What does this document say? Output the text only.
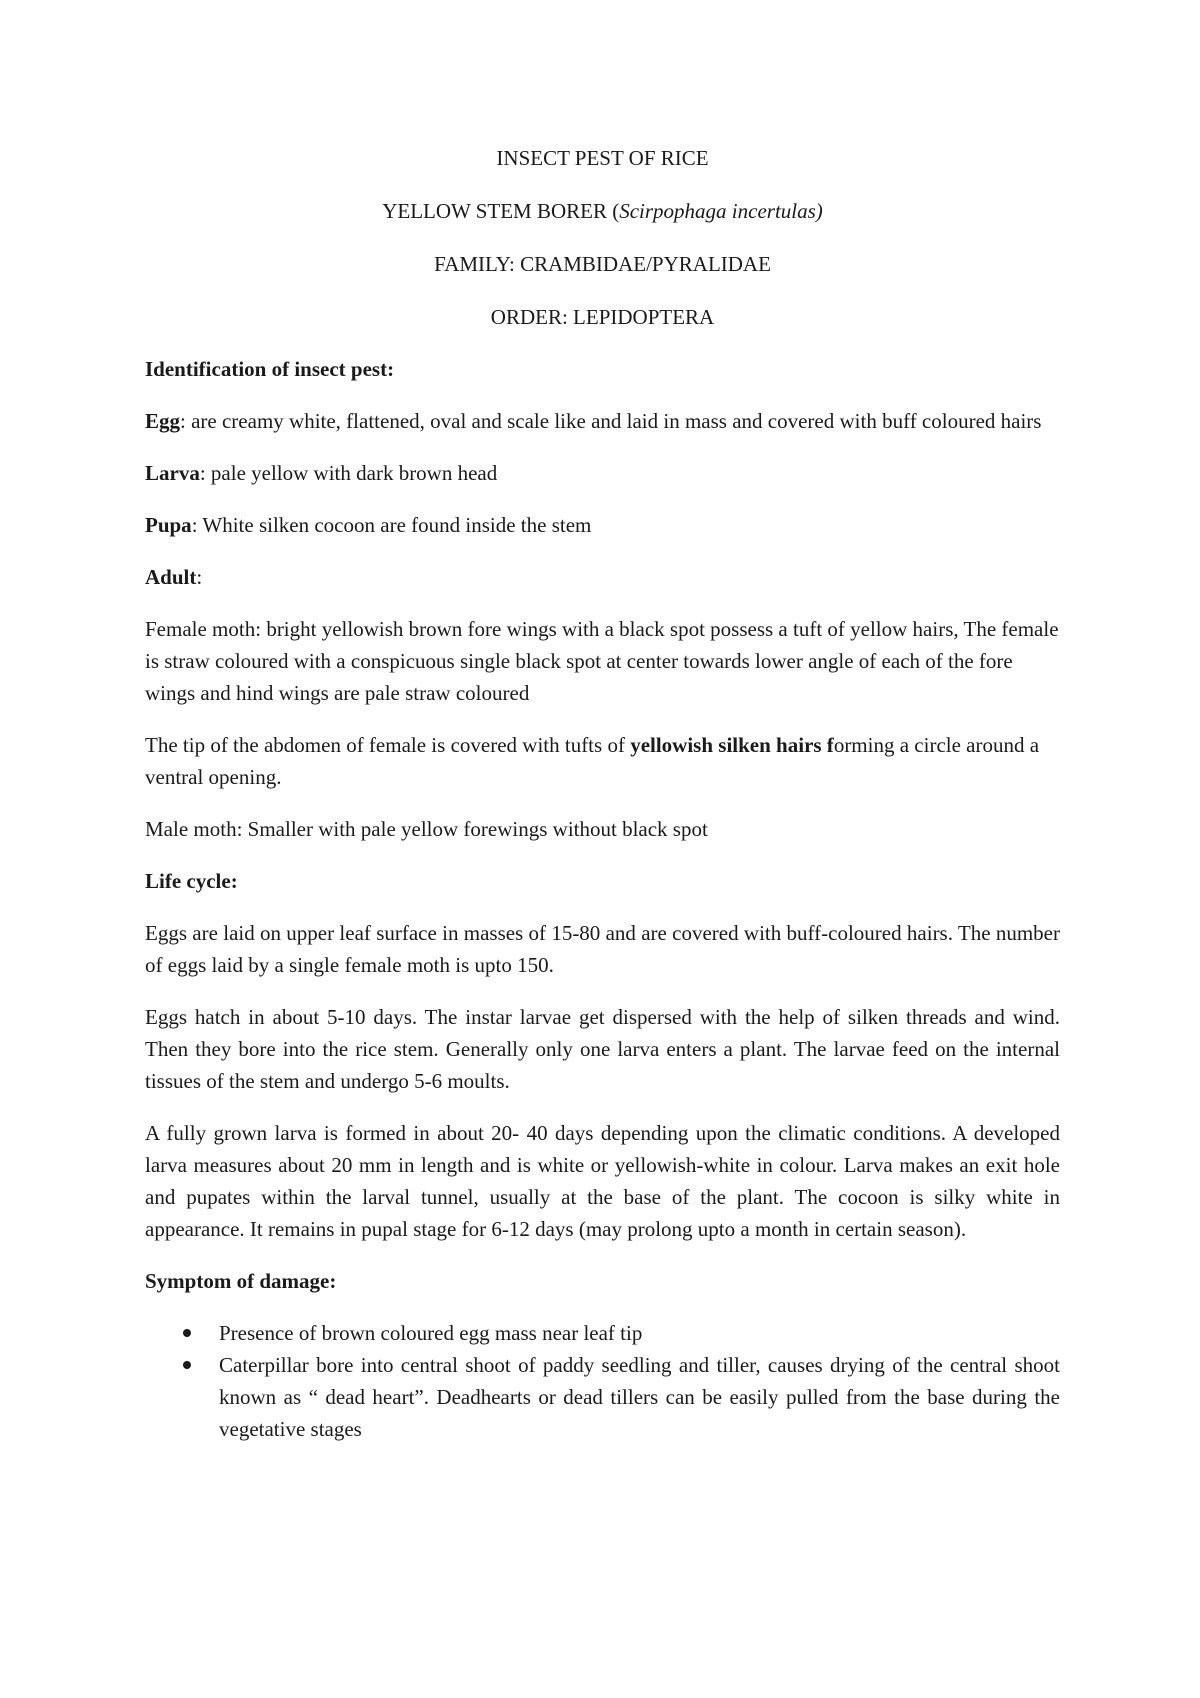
INSECT PEST OF RICE

YELLOW STEM BORER (Scirpophaga incertulas)

FAMILY: CRAMBIDAE/PYRALIDAE

ORDER: LEPIDOPTERA

Identification of insect pest:

Egg: are creamy white, flattened, oval and scale like and laid in mass and covered with buff coloured hairs

Larva: pale yellow with dark brown head

Pupa: White silken cocoon are found inside the stem

Adult:

Female moth: bright yellowish brown fore wings with a black spot possess a tuft of yellow hairs, The female is straw coloured with a conspicuous single black spot at center towards lower angle of each of the fore wings and hind wings are pale straw coloured

The tip of the abdomen of female is covered with tufts of yellowish silken hairs forming a circle around a ventral opening.

Male moth: Smaller with pale yellow forewings without black spot

Life cycle:

Eggs are laid on upper leaf surface in masses of 15-80 and are covered with buff-coloured hairs. The number of eggs laid by a single female moth is upto 150.

Eggs hatch in about 5-10 days. The instar larvae get dispersed with the help of silken threads and wind. Then they bore into the rice stem. Generally only one larva enters a plant. The larvae feed on the internal tissues of the stem and undergo 5-6 moults.

A fully grown larva is formed in about 20- 40 days depending upon the climatic conditions. A developed larva measures about 20 mm in length and is white or yellowish-white in colour. Larva makes an exit hole and pupates within the larval tunnel, usually at the base of the plant. The cocoon is silky white in appearance. It remains in pupal stage for 6-12 days (may prolong upto a month in certain season).

Symptom of damage:

Presence of brown coloured egg mass near leaf tip
Caterpillar bore into central shoot of paddy seedling and tiller, causes drying of the central shoot known as “ dead heart”. Deadhearts or dead tillers can be easily pulled from the base during the vegetative stages
